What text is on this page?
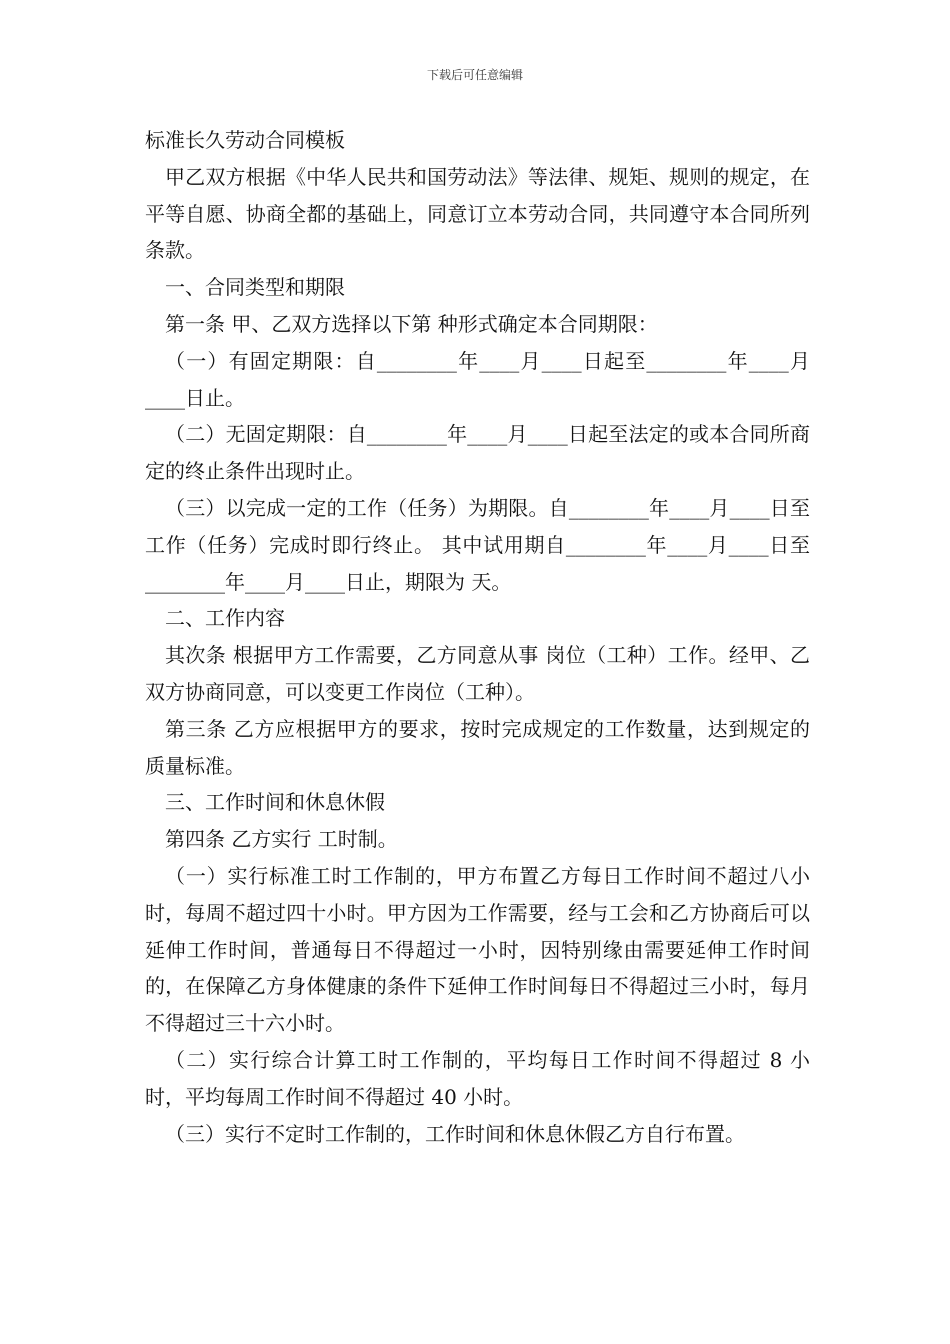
下载后可任意编辑

标准长久劳动合同模板

甲乙双方根据《中华人民共和国劳动法》等法律、规矩、规则的规定，在平等自愿、协商全都的基础上，同意订立本劳动合同，共同遵守本合同所列条款。

一、合同类型和期限

第一条 甲、乙双方选择以下第 种形式确定本合同期限：

（一）有固定期限：自________年____月____日起至________年____月____日止。

（二）无固定期限：自________年____月____日起至法定的或本合同所商定的终止条件出现时止。

（三）以完成一定的工作（任务）为期限。自________年____月____日至 工作（任务）完成时即行终止。 其中试用期自________年____月____日至________年____月____日止，期限为 天。

二、工作内容

其次条 根据甲方工作需要，乙方同意从事 岗位（工种）工作。经甲、乙双方协商同意，可以变更工作岗位（工种）。

第三条 乙方应根据甲方的要求，按时完成规定的工作数量，达到规定的质量标准。

三、工作时间和休息休假

第四条 乙方实行 工时制。

（一）实行标准工时工作制的，甲方布置乙方每日工作时间不超过八小时，每周不超过四十小时。甲方因为工作需要，经与工会和乙方协商后可以延伸工作时间，普通每日不得超过一小时，因特别缘由需要延伸工作时间的，在保障乙方身体健康的条件下延伸工作时间每日不得超过三小时，每月不得超过三十六小时。

（二）实行综合计算工时工作制的，平均每日工作时间不得超过 8 小时，平均每周工作时间不得超过 40 小时。

（三）实行不定时工作制的，工作时间和休息休假乙方自行布置。
